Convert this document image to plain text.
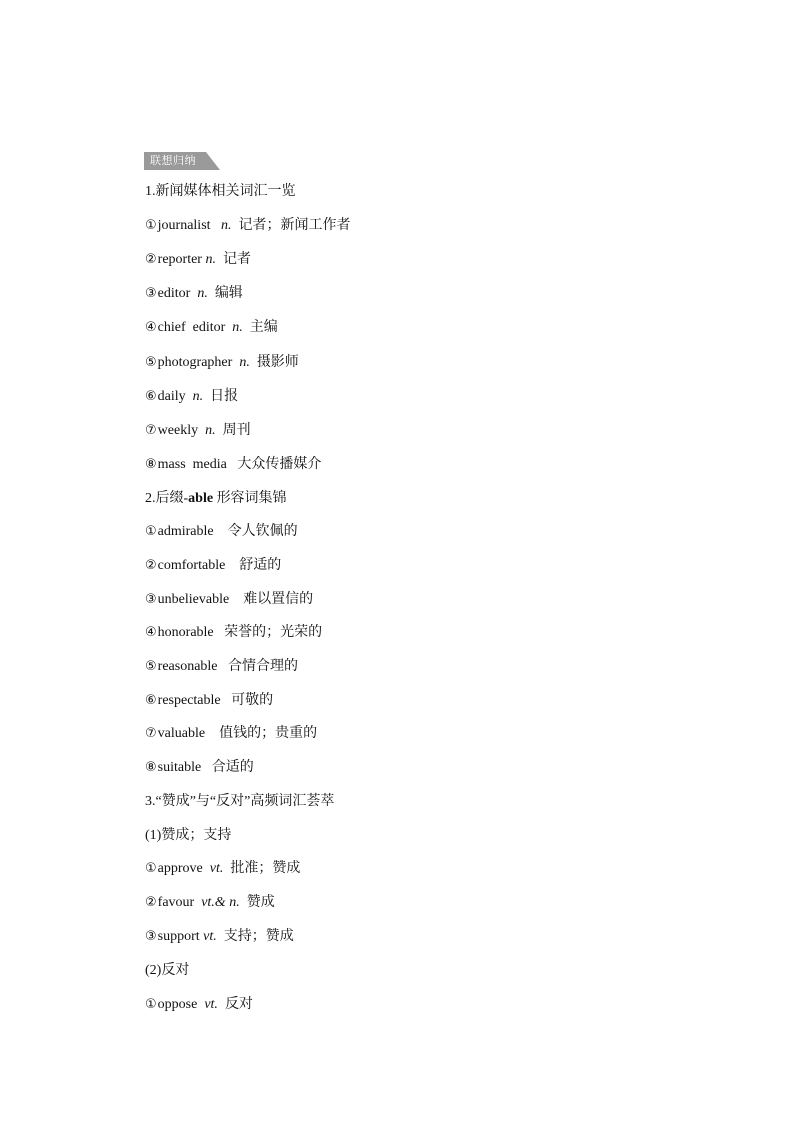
联想归纳
1.新闻媒体相关词汇一览
①journalist n. 记者；新闻工作者
②reporter n. 记者
③editor n. 编辑
④chief  editor n. 主编
⑤photographer n. 摄影师
⑥daily n. 日报
⑦weekly n. 周刊
⑧mass  media 大众传播媒介
2.后缀-able 形容词集锦
①admirable 令人钦佩的
②comfortable 舒适的
③unbelievable 难以置信的
④honorable 荣誉的；光荣的
⑤reasonable 合情合理的
⑥respectable 可敬的
⑦valuable 值钱的；贵重的
⑧suitable 合适的
3.“赞成”与“反对”高频词汇荟萃
(1)赞成；支持
①approve vt. 批准；赞成
②favour vt.& n. 赞成
③support vt. 支持；赞成
(2)反对
①oppose vt. 反对
